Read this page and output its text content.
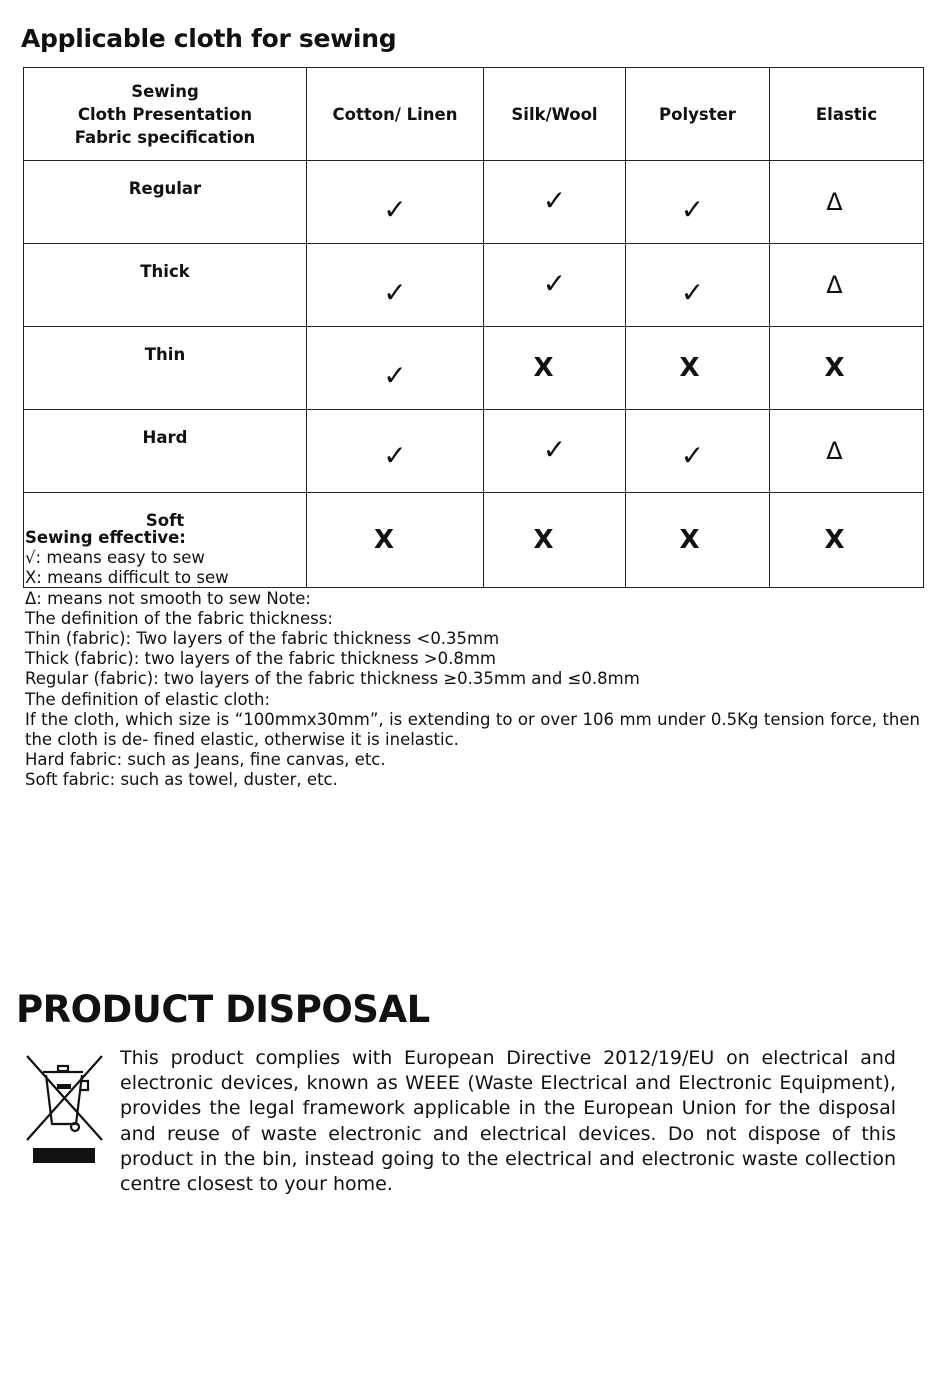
Applicable cloth for sewing
Sewing
Cloth Presentation
Fabric specification	Cotton/ Linen	Silk/Wool	Polyster	Elastic
Regular	✓	✓	✓	Δ
Thick	✓	✓	✓	Δ
Thin	✓	X	X	X
Hard	✓	✓	✓	Δ
Soft	X	X	X	X
Sewing effective:
√: means easy to sew
X: means difficult to sew
Δ: means not smooth to sew Note:
The definition of the fabric thickness:
Thin (fabric): Two layers of the fabric thickness <0.35mm
Thick (fabric): two layers of the fabric thickness >0.8mm
Regular (fabric): two layers of the fabric thickness ≥0.35mm and ≤0.8mm
The definition of elastic cloth:
If the cloth, which size is “100mmx30mm”, is extending to or over 106 mm under 0.5Kg tension force, then the cloth is de- fined elastic, otherwise it is inelastic.
Hard fabric: such as Jeans, fine canvas, etc.
Soft fabric: such as towel, duster, etc.
PRODUCT DISPOSAL

This product complies with European Directive 2012/19/EU on electrical and electronic devices, known as WEEE (Waste Electrical and Electronic Equipment), provides the legal framework applicable in the European Union for the disposal and reuse of waste electronic and electrical devices. Do not dispose of this product in the bin, instead going to the electrical and electronic waste collection centre closest to your home.
